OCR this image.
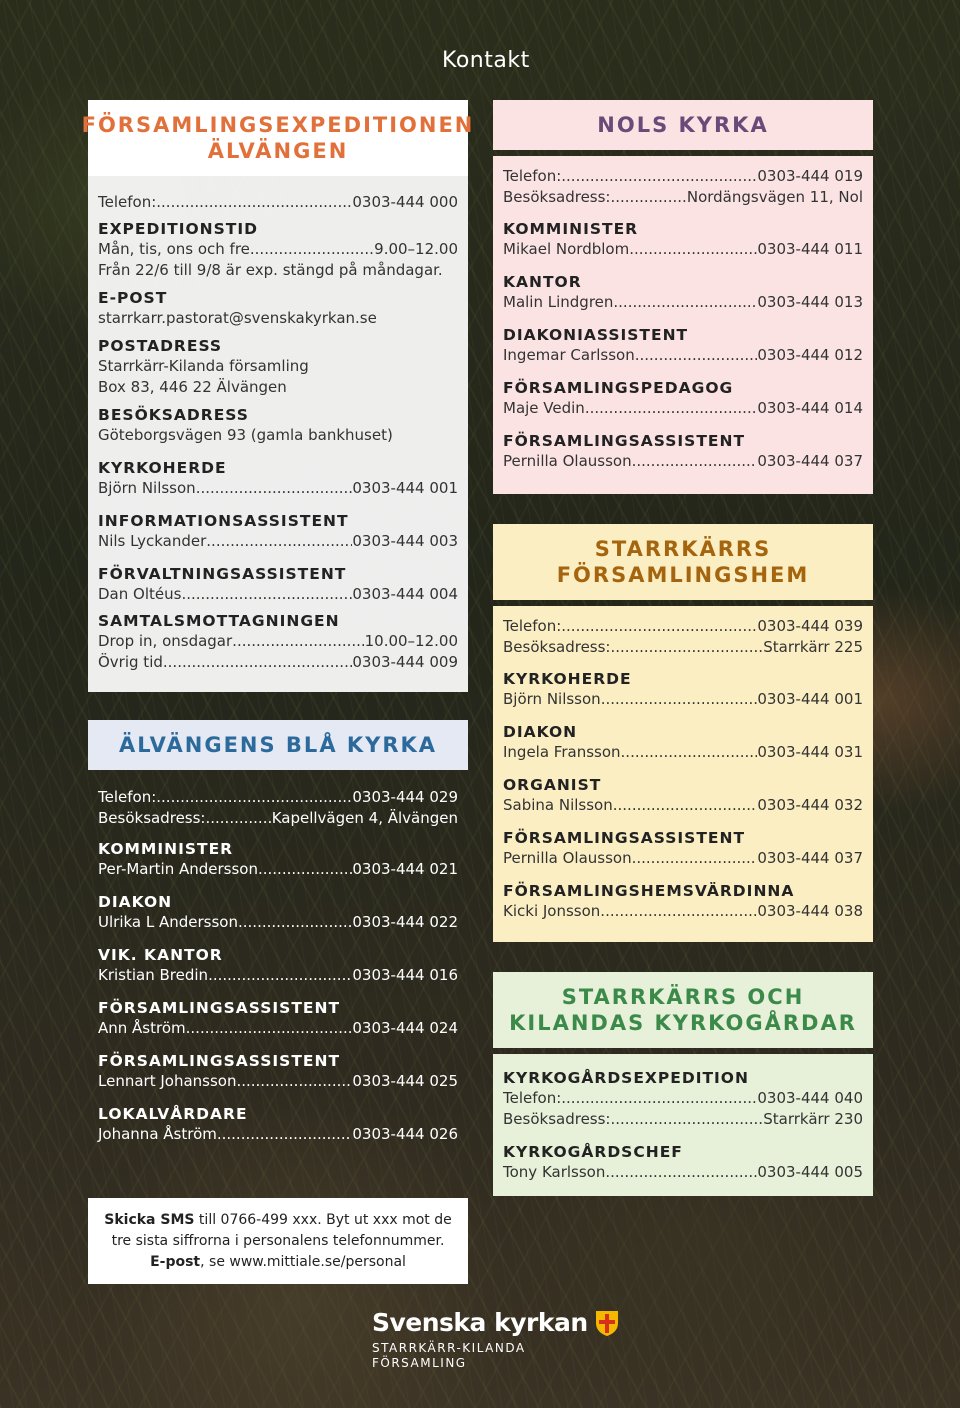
Kontakt
FÖRSAMLINGSEXPEDITIONEN ÄLVÄNGEN
Telefon: .....	0303-444 000
EXPEDITIONSTID
Mån, tis, ons och fre .....	9.00–12.00
Från 22/6 till 9/8 är exp. stängd på måndagar.
E-POST
starrkarr.pastorat@svenskakyrkan.se
POSTADRESS
Starrkärr-Kilanda församling
Box 83, 446 22 Älvängen
BESÖKSADRESS
Göteborgsvägen 93 (gamla bankhuset)
KYRKOHERDE
Björn Nilsson .....	0303-444 001
INFORMATIONSASSISTENT
Nils Lyckander .....	0303-444 003
FÖRVALTNINGSASSISTENT
Dan Oltéus .....	0303-444 004
SAMTALSMOTTAGNINGEN
Drop in, onsdagar .....	10.00–12.00
Övrig tid .....	0303-444 009
ÄLVÄNGENS BLÅ KYRKA
Telefon: .....	0303-444 029
Besöksadress: .....	Kapellvägen 4, Älvängen
KOMMINISTER
Per-Martin Andersson .....	0303-444 021
DIAKON
Ulrika L Andersson .....	0303-444 022
VIK. KANTOR
Kristian Bredin .....	0303-444 016
FÖRSAMLINGSASSISTENT
Ann Åström .....	0303-444 024
FÖRSAMLINGSASSISTENT
Lennart Johansson .....	0303-444 025
LOKALVÅRDARE
Johanna Åström .....	0303-444 026
NOLS KYRKA
Telefon: .....	0303-444 019
Besöksadress: .....	Nordängsvägen 11, Nol
KOMMINISTER
Mikael Nordblom .....	0303-444 011
KANTOR
Malin Lindgren .....	0303-444 013
DIAKONIASSISTENT
Ingemar Carlsson .....	0303-444 012
FÖRSAMLINGSPEDAGOG
Maje Vedin .....	0303-444 014
FÖRSAMLINGSASSISTENT
Pernilla Olausson .....	0303-444 037
STARRKÄRRS FÖRSAMLINGSHEM
Telefon: .....	0303-444 039
Besöksadress: .....	Starrkärr 225
KYRKOHERDE
Björn Nilsson .....	0303-444 001
DIAKON
Ingela Fransson .....	0303-444 031
ORGANIST
Sabina Nilsson .....	0303-444 032
FÖRSAMLINGSASSISTENT
Pernilla Olausson .....	0303-444 037
FÖRSAMLINGSHEMSVÄRDINNA
Kicki Jonsson .....	0303-444 038
STARRKÄRRS OCH KILANDAS KYRKOGÅRDAR
KYRKOGÅRDSEXPEDITION
Telefon: .....	0303-444 040
Besöksadress: .....	Starrkärr 230
KYRKOGÅRDSCHEF
Tony Karlsson .....	0303-444 005
Skicka SMS till 0766-499 xxx. Byt ut xxx mot de tre sista siffrorna i personalens telefonnummer.
E-post, se www.mittiale.se/personal
Svenska kyrkan
STARRKÄRR-KILANDA
FÖRSAMLING
